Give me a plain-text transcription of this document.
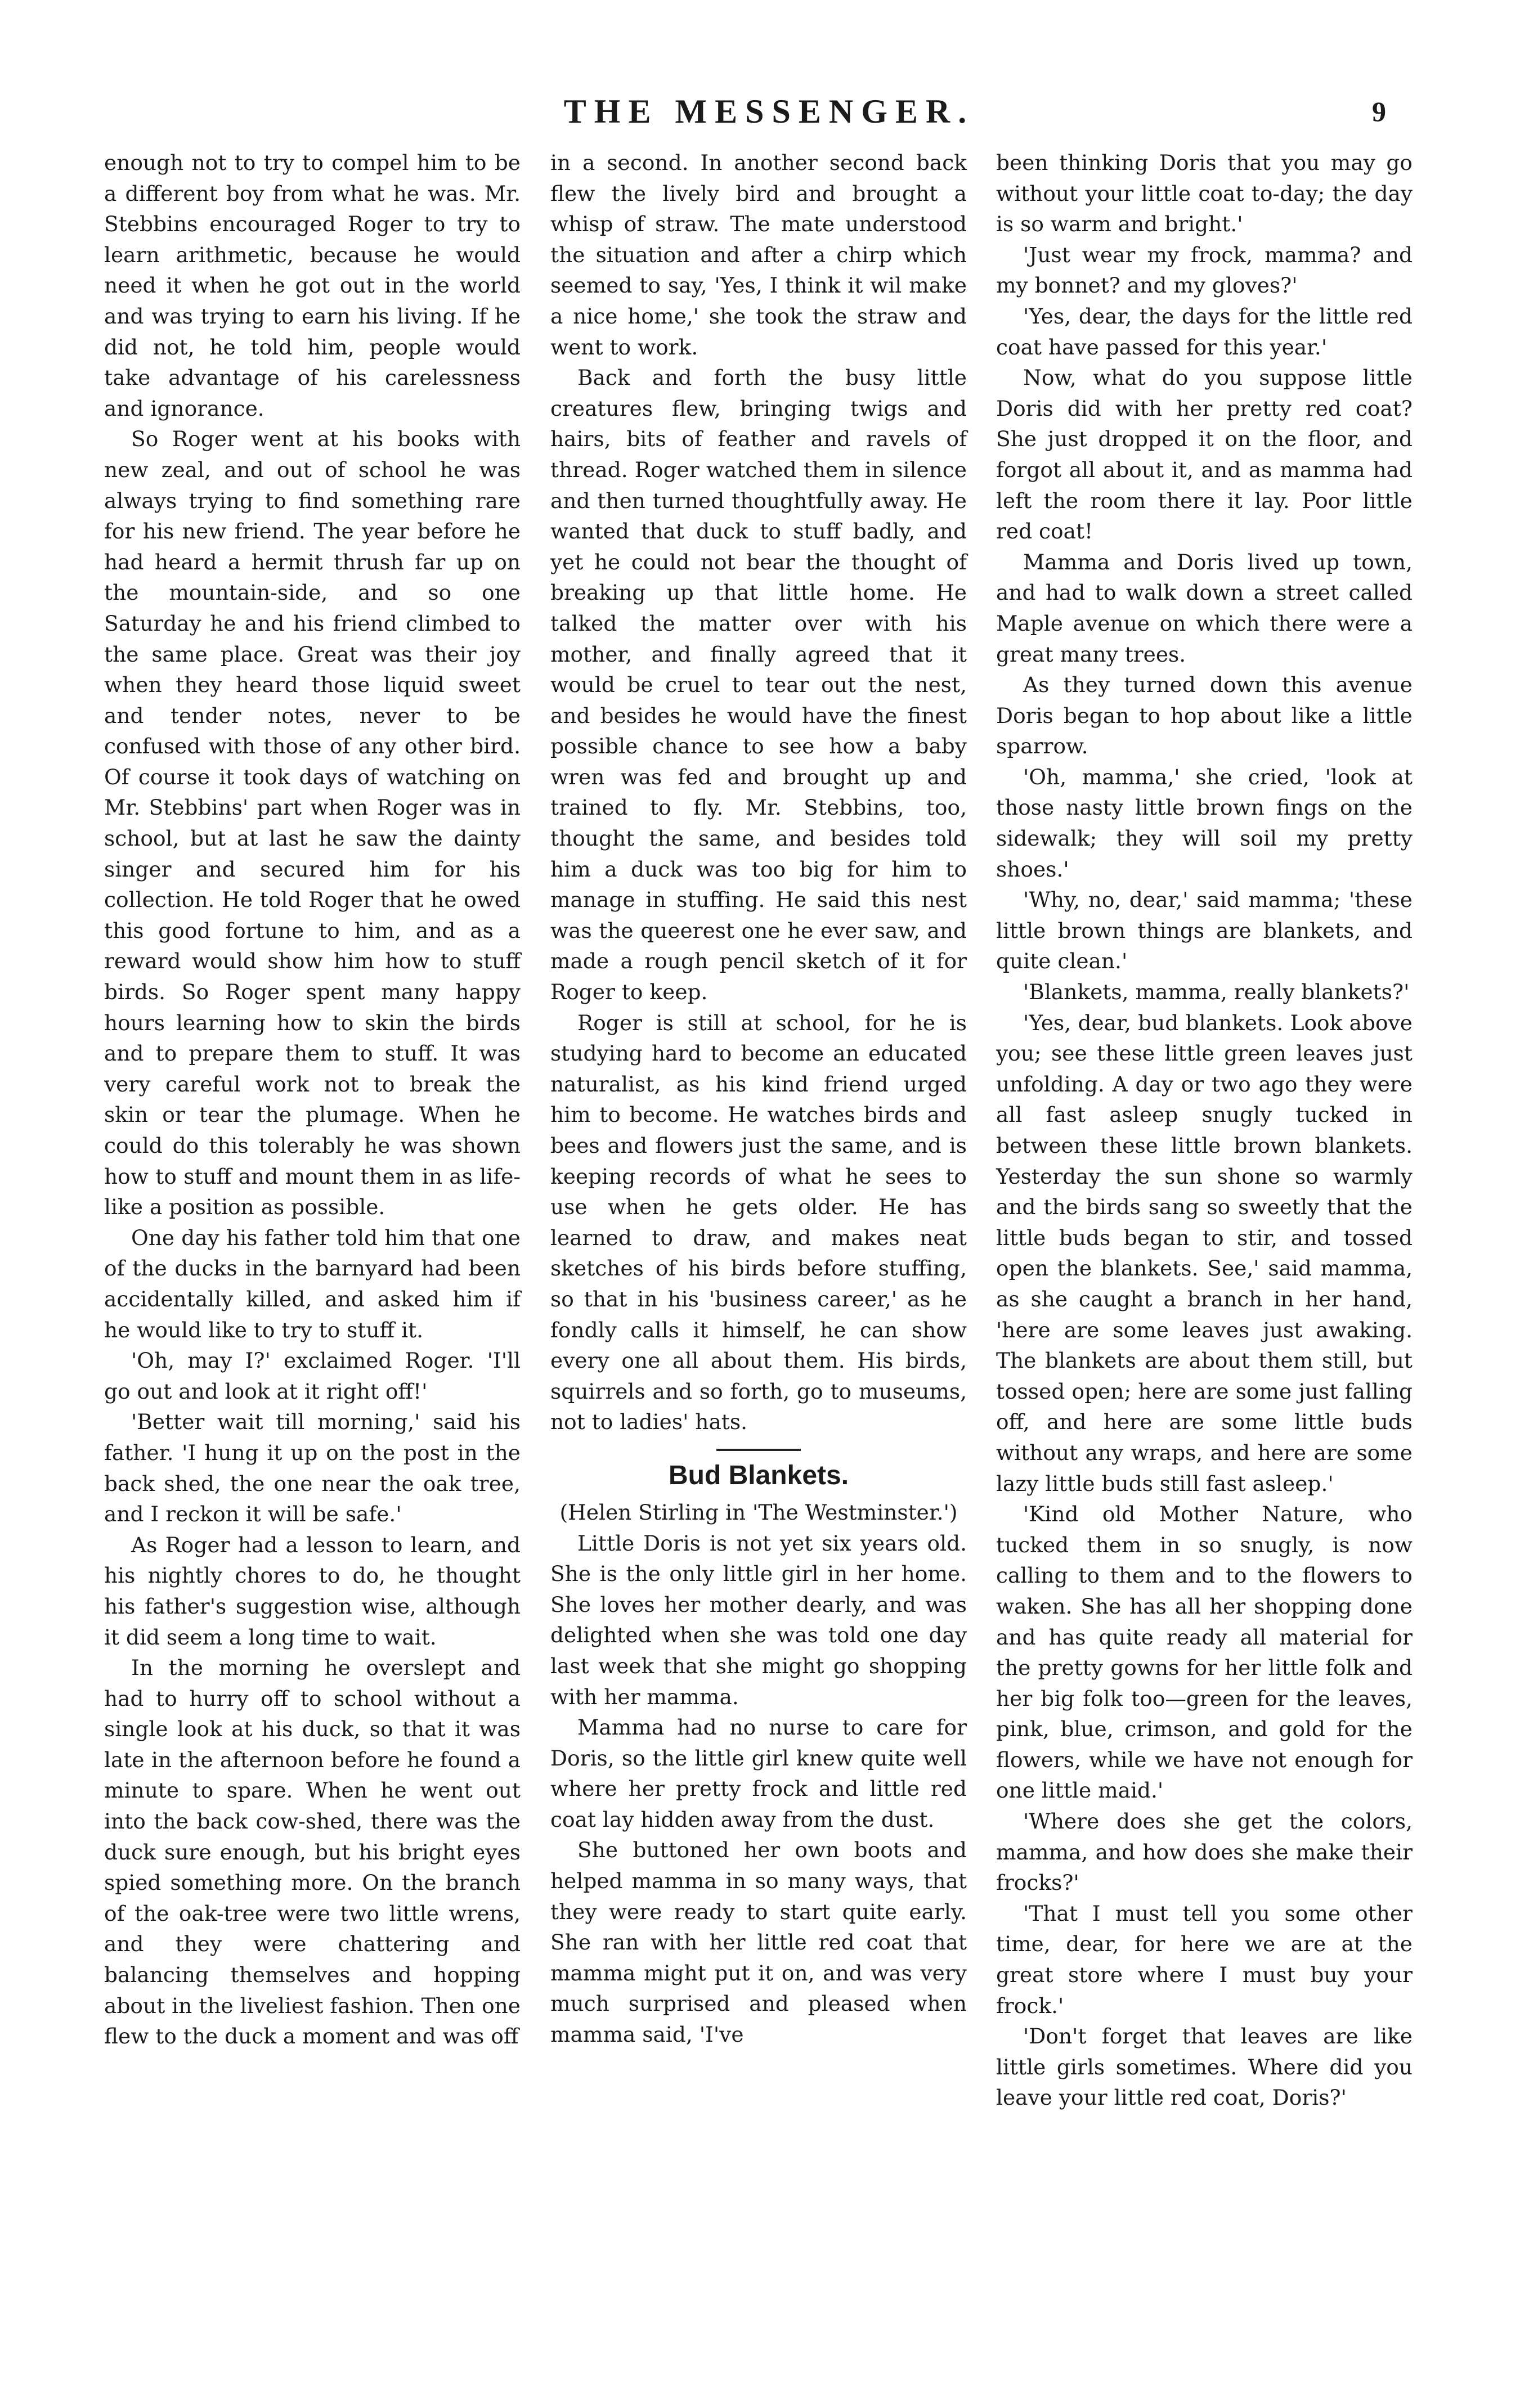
THE MESSENGER.	9

enough not to try to compel him to be a different boy from what he was. Mr. Stebbins encouraged Roger to try to learn arithmetic, because he would need it when he got out in the world and was trying to earn his living. If he did not, he told him, people would take advantage of his carelessness and ignorance.

So Roger went at his books with new zeal, and out of school he was always trying to find something rare for his new friend. The year before he had heard a hermit thrush far up on the mountain-side, and so one Saturday he and his friend climbed to the same place. Great was their joy when they heard those liquid sweet and tender notes, never to be confused with those of any other bird. Of course it took days of watching on Mr. Stebbins' part when Roger was in school, but at last he saw the dainty singer and secured him for his collection. He told Roger that he owed this good fortune to him, and as a reward would show him how to stuff birds. So Roger spent many happy hours learning how to skin the birds and to prepare them to stuff. It was very careful work not to break the skin or tear the plumage. When he could do this tolerably he was shown how to stuff and mount them in as life-like a position as possible.

One day his father told him that one of the ducks in the barnyard had been accidentally killed, and asked him if he would like to try to stuff it.

'Oh, may I?' exclaimed Roger. 'I'll go out and look at it right off!'

'Better wait till morning,' said his father. 'I hung it up on the post in the back shed, the one near the oak tree, and I reckon it will be safe.'

As Roger had a lesson to learn, and his nightly chores to do, he thought his father's suggestion wise, although it did seem a long time to wait.

In the morning he overslept and had to hurry off to school without a single look at his duck, so that it was late in the afternoon before he found a minute to spare. When he went out into the back cow-shed, there was the duck sure enough, but his bright eyes spied something more. On the branch of the oak-tree were two little wrens, and they were chattering and balancing themselves and hopping about in the liveliest fashion. Then one flew to the duck a moment and was off

in a second. In another second back flew the lively bird and brought a whisp of straw. The mate understood the situation and after a chirp which seemed to say, 'Yes, I think it wil make a nice home,' she took the straw and went to work.

Back and forth the busy little creatures flew, bringing twigs and hairs, bits of feather and ravels of thread. Roger watched them in silence and then turned thoughtfully away. He wanted that duck to stuff badly, and yet he could not bear the thought of breaking up that little home. He talked the matter over with his mother, and finally agreed that it would be cruel to tear out the nest, and besides he would have the finest possible chance to see how a baby wren was fed and brought up and trained to fly. Mr. Stebbins, too, thought the same, and besides told him a duck was too big for him to manage in stuffing. He said this nest was the queerest one he ever saw, and made a rough pencil sketch of it for Roger to keep.

Roger is still at school, for he is studying hard to become an educated naturalist, as his kind friend urged him to become. He watches birds and bees and flowers just the same, and is keeping records of what he sees to use when he gets older. He has learned to draw, and makes neat sketches of his birds before stuffing, so that in his 'business career,' as he fondly calls it himself, he can show every one all about them. His birds, squirrels and so forth, go to museums, not to ladies' hats.

Bud Blankets.

(Helen Stirling in 'The Westminster.')

Little Doris is not yet six years old. She is the only little girl in her home. She loves her mother dearly, and was delighted when she was told one day last week that she might go shopping with her mamma.

Mamma had no nurse to care for Doris, so the little girl knew quite well where her pretty frock and little red coat lay hidden away from the dust.

She buttoned her own boots and helped mamma in so many ways, that they were ready to start quite early. She ran with her little red coat that mamma might put it on, and was very much surprised and pleased when mamma said, 'I've

been thinking Doris that you may go without your little coat to-day; the day is so warm and bright.'

'Just wear my frock, mamma? and my bonnet? and my gloves?'

'Yes, dear, the days for the little red coat have passed for this year.'

Now, what do you suppose little Doris did with her pretty red coat? She just dropped it on the floor, and forgot all about it, and as mamma had left the room there it lay. Poor little red coat!

Mamma and Doris lived up town, and had to walk down a street called Maple avenue on which there were a great many trees.

As they turned down this avenue Doris began to hop about like a little sparrow.

'Oh, mamma,' she cried, 'look at those nasty little brown fings on the sidewalk; they will soil my pretty shoes.'

'Why, no, dear,' said mamma; 'these little brown things are blankets, and quite clean.'

'Blankets, mamma, really blankets?'

'Yes, dear, bud blankets. Look above you; see these little green leaves just unfolding. A day or two ago they were all fast asleep snugly tucked in between these little brown blankets. Yesterday the sun shone so warmly and the birds sang so sweetly that the little buds began to stir, and tossed open the blankets. See,' said mamma, as she caught a branch in her hand, 'here are some leaves just awaking. The blankets are about them still, but tossed open; here are some just falling off, and here are some little buds without any wraps, and here are some lazy little buds still fast asleep.'

'Kind old Mother Nature, who tucked them in so snugly, is now calling to them and to the flowers to waken. She has all her shopping done and has quite ready all material for the pretty gowns for her little folk and her big folk too—green for the leaves, pink, blue, crimson, and gold for the flowers, while we have not enough for one little maid.'

'Where does she get the colors, mamma, and how does she make their frocks?'

'That I must tell you some other time, dear, for here we are at the great store where I must buy your frock.'

'Don't forget that leaves are like little girls sometimes. Where did you leave your little red coat, Doris?'
